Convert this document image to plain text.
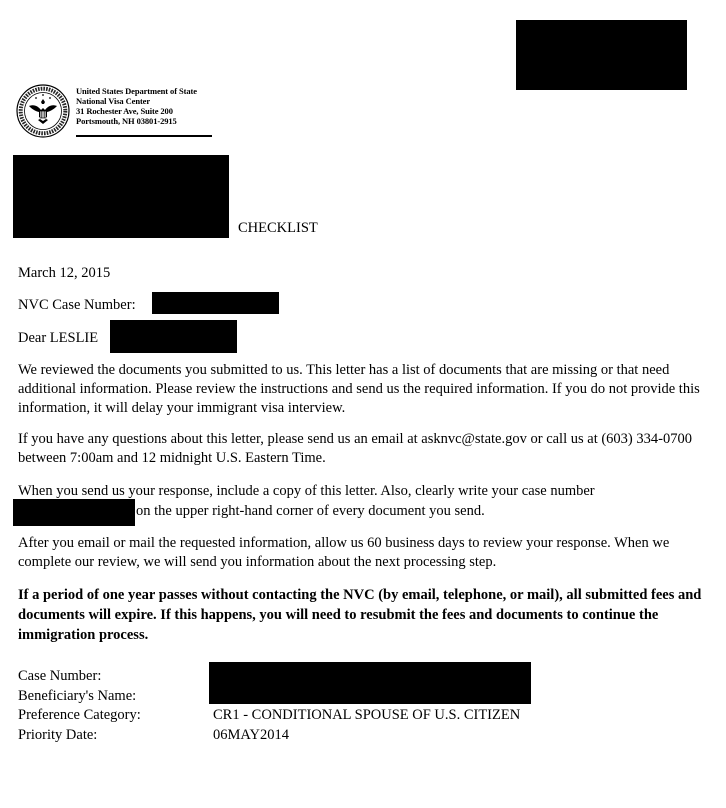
United States Department of State
National Visa Center
31 Rochester Ave, Suite 200
Portsmouth, NH 03801-2915
CHECKLIST
March 12, 2015
NVC Case Number:
Dear LESLIE
We reviewed the documents you submitted to us. This letter has a list of documents that are missing or that need additional information. Please review the instructions and send us the required information. If you do not provide this information, it will delay your immigrant visa interview.
If you have any questions about this letter, please send us an email at asknvc@state.gov or call us at (603) 334-0700 between 7:00am and 12 midnight U.S. Eastern Time.
When you send us your response, include a copy of this letter. Also, clearly write your case number
on the upper right-hand corner of every document you send.
After you email or mail the requested information, allow us 60 business days to review your response. When we complete our review, we will send you information about the next processing step.
If a period of one year passes without contacting the NVC (by email, telephone, or mail), all submitted fees and documents will expire. If this happens, you will need to resubmit the fees and documents to continue the immigration process.
Case Number:
Beneficiary's Name:
Preference Category:
Priority Date:
CR1 - CONDITIONAL SPOUSE OF U.S. CITIZEN
06MAY2014
